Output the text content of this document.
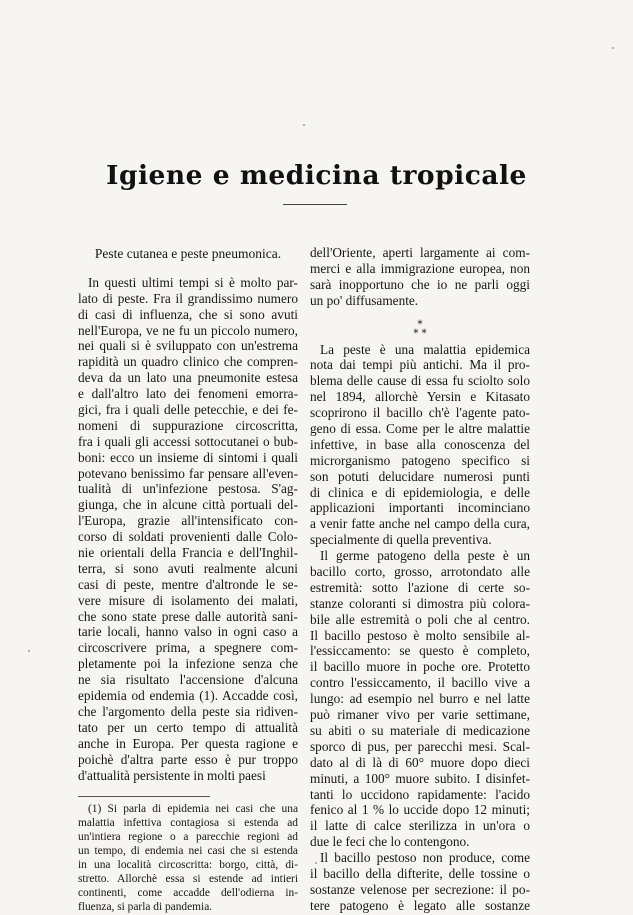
Igiene e medicina tropicale
Peste cutanea e peste pneumonica.
In questi ultimi tempi si è molto par-
lato di peste. Fra il grandissimo numero
di casi di influenza, che si sono avuti
nell'Europa, ve ne fu un piccolo numero,
nei quali si è sviluppato con un'estrema
rapidità un quadro clinico che compren-
deva da un lato una pneumonite estesa
e dall'altro lato dei fenomeni emorra-
gici, fra i quali delle petecchie, e dei fe-
nomeni di suppurazione circoscritta,
fra i quali gli accessi sottocutanei o bub-
boni: ecco un insieme di sintomi i quali
potevano benissimo far pensare all'even-
tualità di un'infezione pestosa. S'ag-
giunga, che in alcune città portuali del-
l'Europa, grazie all'intensificato con-
corso di soldati provenienti dalle Colo-
nie orientali della Francia e dell'Inghil-
terra, si sono avuti realmente alcuni
casi di peste, mentre d'altronde le se-
vere misure di isolamento dei malati,
che sono state prese dalle autorità sani-
tarie locali, hanno valso in ogni caso a
circoscrivere prima, a spegnere com-
pletamente poi la infezione senza che
ne sia risultato l'accensione d'alcuna
epidemia od endemia (1). Accadde così,
che l'argomento della peste sia ridiven-
tato per un certo tempo di attualità
anche in Europa. Per questa ragione e
poichè d'altra parte esso è pur troppo
d'attualità persistente in molti paesi
(1) Si parla di epidemia nei casi che una
malattia infettiva contagiosa si estenda ad
un'intiera regione o a parecchie regioni ad
un tempo, di endemia nei casi che si estenda
in una località circoscritta: borgo, città, di-
stretto. Allorchè essa si estende ad intieri
continenti, come accadde dell'odierna in-
fluenza, si parla di pandemia.
dell'Oriente, aperti largamente ai com-
merci e alla immigrazione europea, non
sarà inopportuno che io ne parli oggi
un po' diffusamente.
⁎
⁎ ⁎
La peste è una malattia epidemica
nota dai tempi più antichi. Ma il pro-
blema delle cause di essa fu sciolto solo
nel 1894, allorchè Yersin e Kitasato
scoprirono il bacillo ch'è l'agente pato-
geno di essa. Come per le altre malattie
infettive, in base alla conoscenza del
microrganismo patogeno specifico si
son potuti delucidare numerosi punti
di clinica e di epidemiologia, e delle
applicazioni importanti incominciano
a venir fatte anche nel campo della cura,
specialmente di quella preventiva.
Il germe patogeno della peste è un
bacillo corto, grosso, arrotondato alle
estremità: sotto l'azione di certe so-
stanze coloranti si dimostra più colora-
bile alle estremità o poli che al centro.
Il bacillo pestoso è molto sensibile al-
l'essiccamento: se questo è completo,
il bacillo muore in poche ore. Protetto
contro l'essiccamento, il bacillo vive a
lungo: ad esempio nel burro e nel latte
può rimaner vivo per varie settimane,
su abiti o su materiale di medicazione
sporco di pus, per parecchi mesi. Scal-
dato al di là di 60° muore dopo dieci
minuti, a 100° muore subito. I disinfet-
tanti lo uccidono rapidamente: l'acido
fenico al 1 % lo uccide dopo 12 minuti;
il latte di calce sterilizza in un'ora o
due le feci che lo contengono.
Il bacillo pestoso non produce, come
il bacillo della difterite, delle tossine o
sostanze velenose per secrezione: il po-
tere patogeno è legato alle sostanze
